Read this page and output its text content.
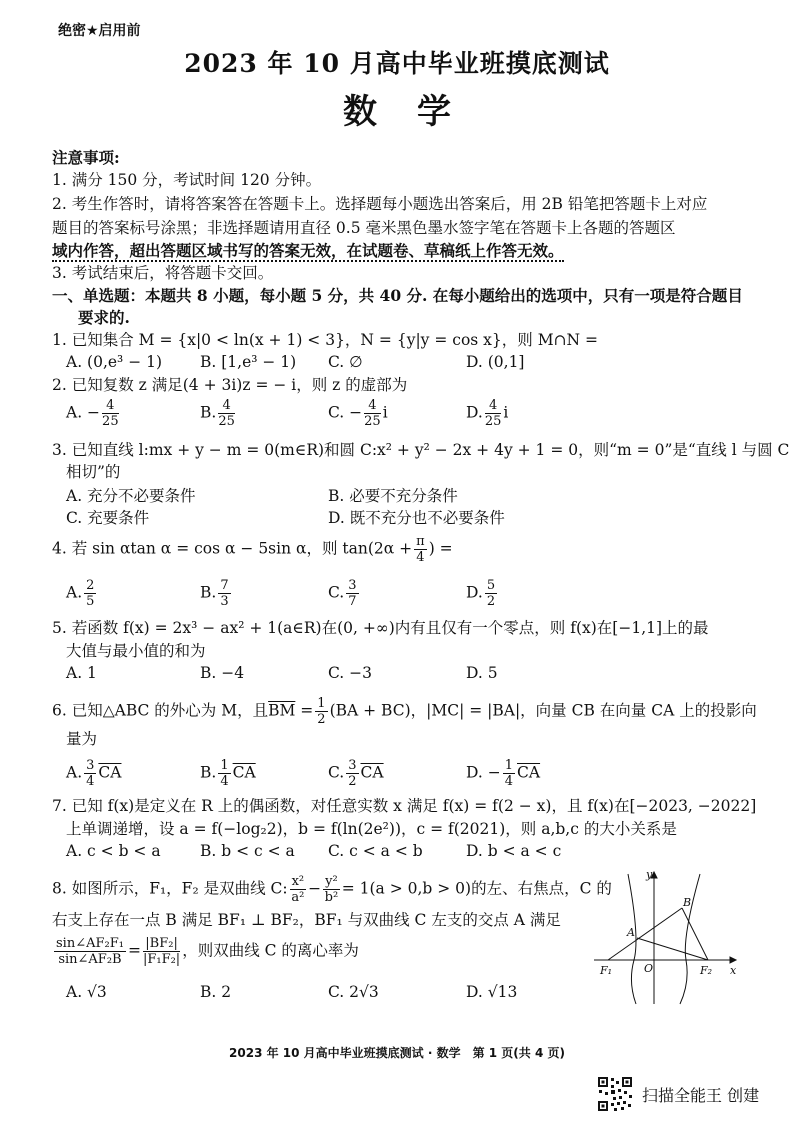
绝密★启用前
2023 年 10 月高中毕业班摸底测试
数学
注意事项:
1. 满分 150 分，考试时间 120 分钟。
2. 考生作答时，请将答案答在答题卡上。选择题每小题选出答案后，用 2B 铅笔把答题卡上对应
题目的答案标号涂黑；非选择题请用直径 0.5 毫米黑色墨水签字笔在答题卡上各题的答题区
域内作答，超出答题区域书写的答案无效，在试题卷、草稿纸上作答无效。
3. 考试结束后，将答题卡交回。
一、单选题：本题共 8 小题，每小题 5 分，共 40 分. 在每小题给出的选项中，只有一项是符合题目
要求的.
1. 已知集合 M = {x|0 < ln(x + 1) < 3}，N = {y|y = cos x}，则 M∩N =
A. (0,e³ − 1) B. [1,e³ − 1) C. ∅	D. (0,1]
2. 已知复数 z 满足(4 + 3i)z = − i，则 z 的虚部为
A. − $\frac{4}{25}$	B. $\frac{4}{25}$	C. − $\frac{4}{25}$ i	D. $\frac{4}{25}$ i
3. 已知直线 l:mx + y − m = 0(m∈R)和圆 C:x² + y² − 2x + 4y + 1 = 0，则“m = 0”是“直线 l 与圆 C
相切”的
A. 充分不必要条件	B. 必要不充分条件
C. 充要条件	D. 既不充分也不必要条件
4. 若 sin αtan α = cos α − 5sin α，则 $\tan(2\alpha + \frac{\pi}{4}$ ) =
A. $\frac{2}{5}$	B. $\frac{7}{3}$	C. $\frac{3}{7}$	D. $\frac{5}{2}$
5. 若函数 f(x) = 2x³ − ax² + 1(a∈R)在(0, +∞)内有且仅有一个零点，则 f(x)在[−1,1]上的最
大值与最小值的和为
A. 1	B. −4	C. −3	D. 5
6. 已知△ABC 的外心为 M，且$\overline{BM} = \frac{1}{2} (BA + BC)$，|MC| = |BA|，向量 CB 在向量 CA 上的投影向
量为
A. $\frac{3}{4} \overline{CA}$	B. $\frac{1}{4} \overline{CA}$	C. $\frac{3}{2} \overline{CA}$	D. − $\frac{1}{4} \overline{CA}$
7. 已知 f(x)是定义在 R 上的偶函数，对任意实数 x 满足 f(x) = f(2 − x)，且 f(x)在[−2023, −2022]
上单调递增，设 a = f(−log₂2)，b = f(ln(2e²))，c = f(2021)，则 a,b,c 的大小关系是
A. c < b < a	B. b < c < a C. c < a < b	D. b < a < c
8. 如图所示，F₁，F₂ 是双曲线 C: $\frac{\text{x²}}{\text{a²}} - \frac{\text{y²}}{\text{b²}} = 1(a > 0,b > 0)$的左、右焦点，C 的
右支上存在一点 B 满足 BF₁ ⊥ BF₂，BF₁ 与双曲线 C 左支的交点 A 满足
$\frac{\text{sin∠AF₂F₁}}{\text{sin∠AF₂B}} = \frac{\text{|BF₂|}}{\text{|F₁F₂|}}$ ，则双曲线 C 的离心率为
A. √3	B. 2	C. 2√3	D. √13
y
x
B
A
F₁	O	F₂
2023 年 10 月高中毕业班摸底测试 · 数学　第 1 页(共 4 页)
扫描全能王 创建
